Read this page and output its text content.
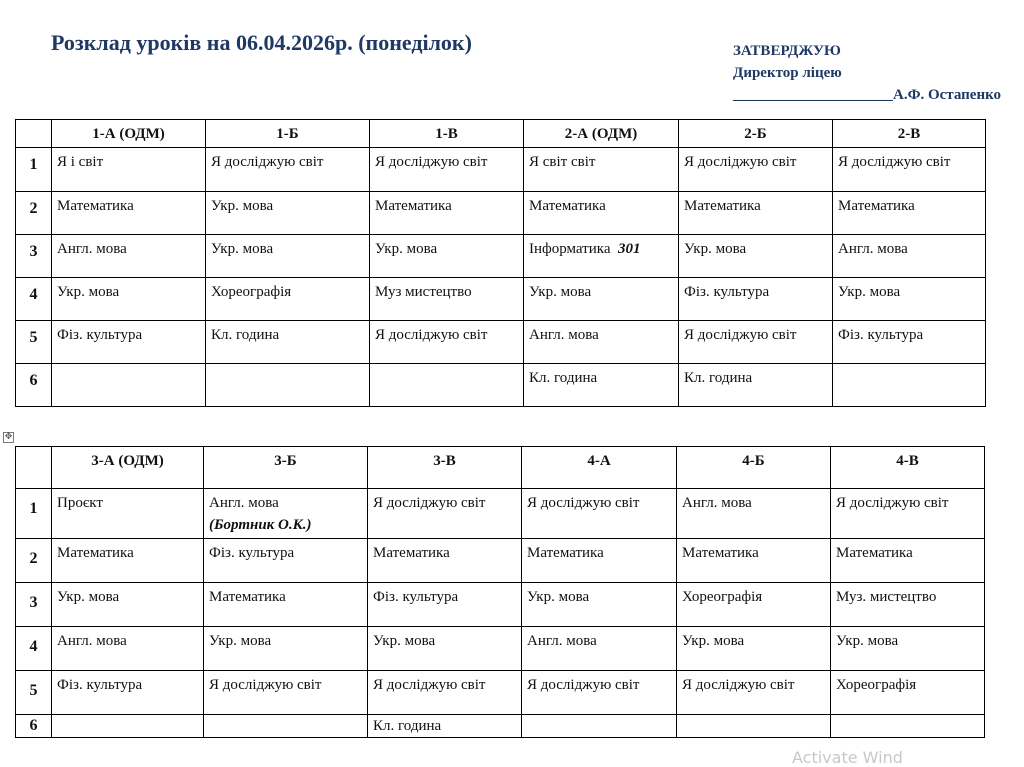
Розклад уроків на 06.04.2026р. (понеділок)	ЗАТВЕРДЖУЮ
Директор ліцею
____________________А.Ф. Остапенко
	1-А (ОДМ)	1-Б	1-В	2-А (ОДМ)	2-Б	2-В
1	Я і світ	Я досліджую світ	Я досліджую світ	Я світ світ	Я досліджую світ	Я досліджую світ
2	Математика	Укр. мова	Математика	Математика	Математика	Математика
3	Англ. мова	Укр. мова	Укр. мова	Інформатика 301	Укр. мова	Англ. мова
4	Укр. мова	Хореографія	Муз мистецтво	Укр. мова	Фіз. культура	Укр. мова
5	Фіз. культура	Кл. година	Я досліджую світ	Англ. мова	Я досліджую світ	Фіз. культура
6				Кл. година	Кл. година	
✥
	3-А (ОДМ)	3-Б	3-В	4-А	4-Б	4-В
1	Проєкт	Англ. мова
(Бортник О.К.)	Я досліджую світ	Я досліджую світ	Англ. мова	Я досліджую світ
2	Математика	Фіз. культура	Математика	Математика	Математика	Математика
3	Укр. мова	Математика	Фіз. культура	Укр. мова	Хореографія	Муз. мистецтво
4	Англ. мова	Укр. мова	Укр. мова	Англ. мова	Укр. мова	Укр. мова
5	Фіз. культура	Я досліджую світ	Я досліджую світ	Я досліджую світ	Я досліджую світ	Хореографія
6			Кл. година			
Activate Wind
